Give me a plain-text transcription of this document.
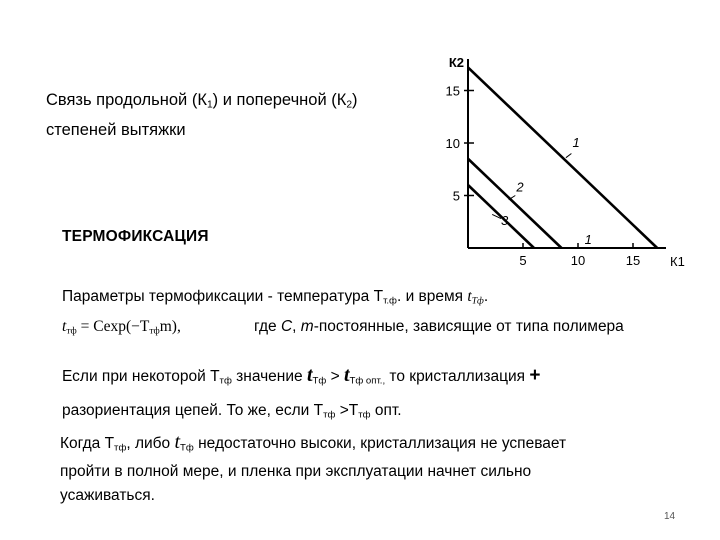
Связь продольной $(К_1)$ и поперечной $(К_2)$
степеней вытяжки
5	10	15
5
10
15
К1
К2
1
2
3
1
ТЕРМОФИКСАЦИЯ
Параметры термофиксации - температура $Т_{т.ф}$. и время $t_{Тф}$.
$t_{тф} = Cexp(-T_{тф}m)$,	где C, m-постоянные, зависящие от типа полимера
Если при некоторой $Т_{тф}$ значение $t_{Тф} > t_{Тф опт.,}$ то кристаллизация +
разориентация цепей. То же, если $Т_{тф} >Т_{тф}$ опт.
Когда $Т_{тф}$, либо $t_{Тф}$ недостаточно высоки, кристаллизация не успевает
пройти в полной мере, и пленка при эксплуатации начнет сильно
усаживаться.
14
